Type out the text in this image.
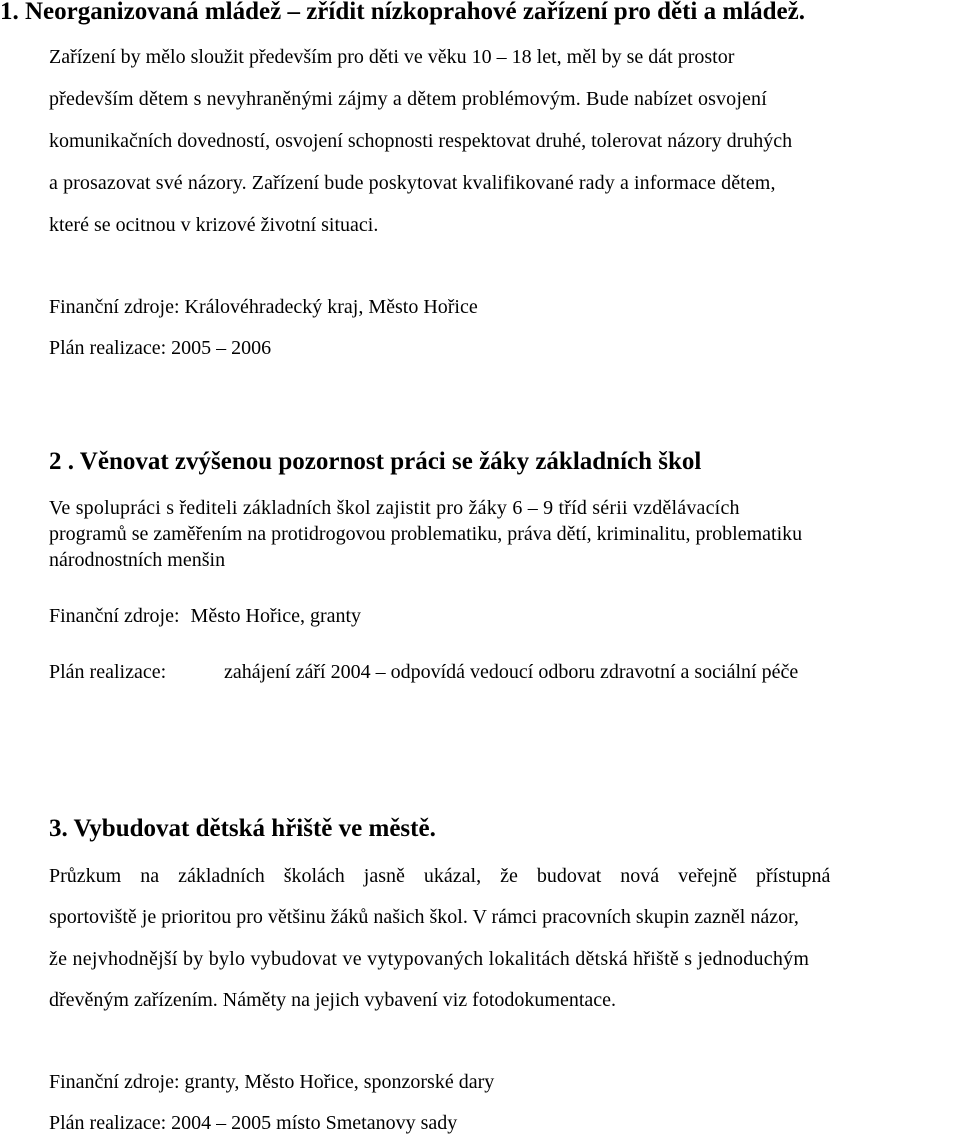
1. Neorganizovaná mládež – zřídit nízkoprahové zařízení pro děti a mládež.
Zařízení by mělo sloužit především pro děti ve věku 10 – 18 let, měl by se dát prostor
především dětem s nevyhraněnými zájmy a dětem problémovým. Bude nabízet osvojení
komunikačních dovedností, osvojení schopnosti respektovat druhé, tolerovat názory druhých
a prosazovat své názory. Zařízení bude poskytovat kvalifikované rady a informace dětem,
které se ocitnou v krizové životní situaci.
Finanční zdroje: Královéhradecký kraj, Město Hořice
Plán realizace: 2005 – 2006
2 . Věnovat zvýšenou pozornost práci se žáky základních škol
Ve spolupráci s řediteli základních škol zajistit pro žáky 6 – 9 tříd sérii vzdělávacích
programů se zaměřením na protidrogovou problematiku, práva dětí, kriminalitu, problematiku
národnostních menšin
Finanční zdroje: Město Hořice, granty
Plán realizace:	zahájení září 2004 – odpovídá vedoucí odboru zdravotní a sociální péče
3. Vybudovat dětská hřiště ve městě.
Průzkum na základních školách jasně ukázal, že budovat nová veřejně přístupná
sportoviště je prioritou pro většinu žáků našich škol. V rámci pracovních skupin zazněl názor,
že nejvhodnější by bylo vybudovat ve vytypovaných lokalitách dětská hřiště s jednoduchým
dřevěným zařízením. Náměty na jejich vybavení viz fotodokumentace.
Finanční zdroje: granty, Město Hořice, sponzorské dary
Plán realizace: 2004 – 2005 místo Smetanovy sady
